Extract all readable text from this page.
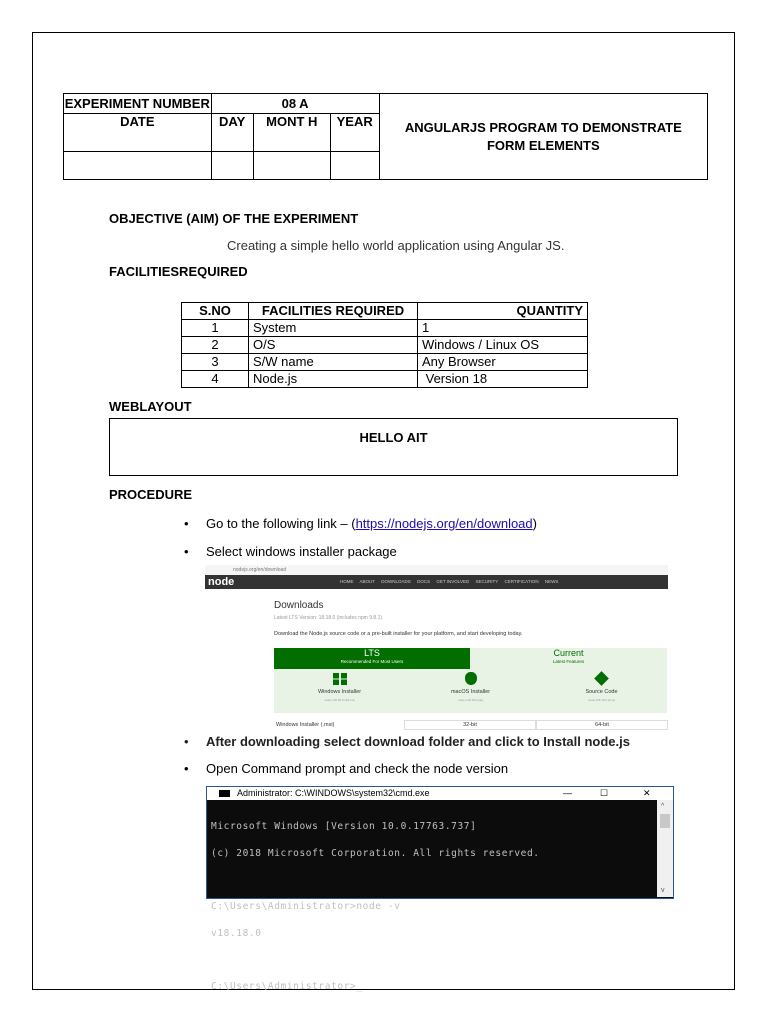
EXPERIMENT NUMBER	08 A			ANGULARJS PROGRAM TO DEMONSTRATE FORM ELEMENTS
DATE	DAY	MONT H	YEAR	

OBJECTIVE (AIM) OF THE EXPERIMENT
Creating a simple hello world application using Angular JS.
FACILITIESREQUIRED
S.NO	FACILITIES REQUIRED	QUANTITY
1	System	1
2	O/S	Windows / Linux OS
3	S/W name	Any Browser
4	Node.js	Version 18
WEBLAYOUT
HELLO AIT
PROCEDURE
• Go to the following link – (https://nodejs.org/en/download)
• Select windows installer package
nodejs.org/en/download
node	HOME ABOUT DOWNLOADS DOCS GET INVOLVED SECURITY CERTIFICATION NEWS
Downloads
Latest LTS Version: 18.18.0 (includes npm 9.8.1)
Download the Node.js source code or a pre-built installer for your platform, and start developing today.
LTS
Recommended For Most Users
Current
Latest Features
Windows Installer
node-v18.18.0-x64.msi
macOS Installer
node-v18.18.0.pkg
Source Code
node-v18.18.0.tar.gz
Windows Installer (.msi)	32-bit	64-bit
• After downloading select download folder and click to Install node.js
• Open Command prompt and check the node version
Administrator: C:\WINDOWS\system32\cmd.exe	—	☐	✕

Microsoft Windows [Version 10.0.17763.737]

(c) 2018 Microsoft Corporation. All rights reserved.

C:\Users\Administrator>node -v

v18.18.0

C:\Users\Administrator>_

^
v
